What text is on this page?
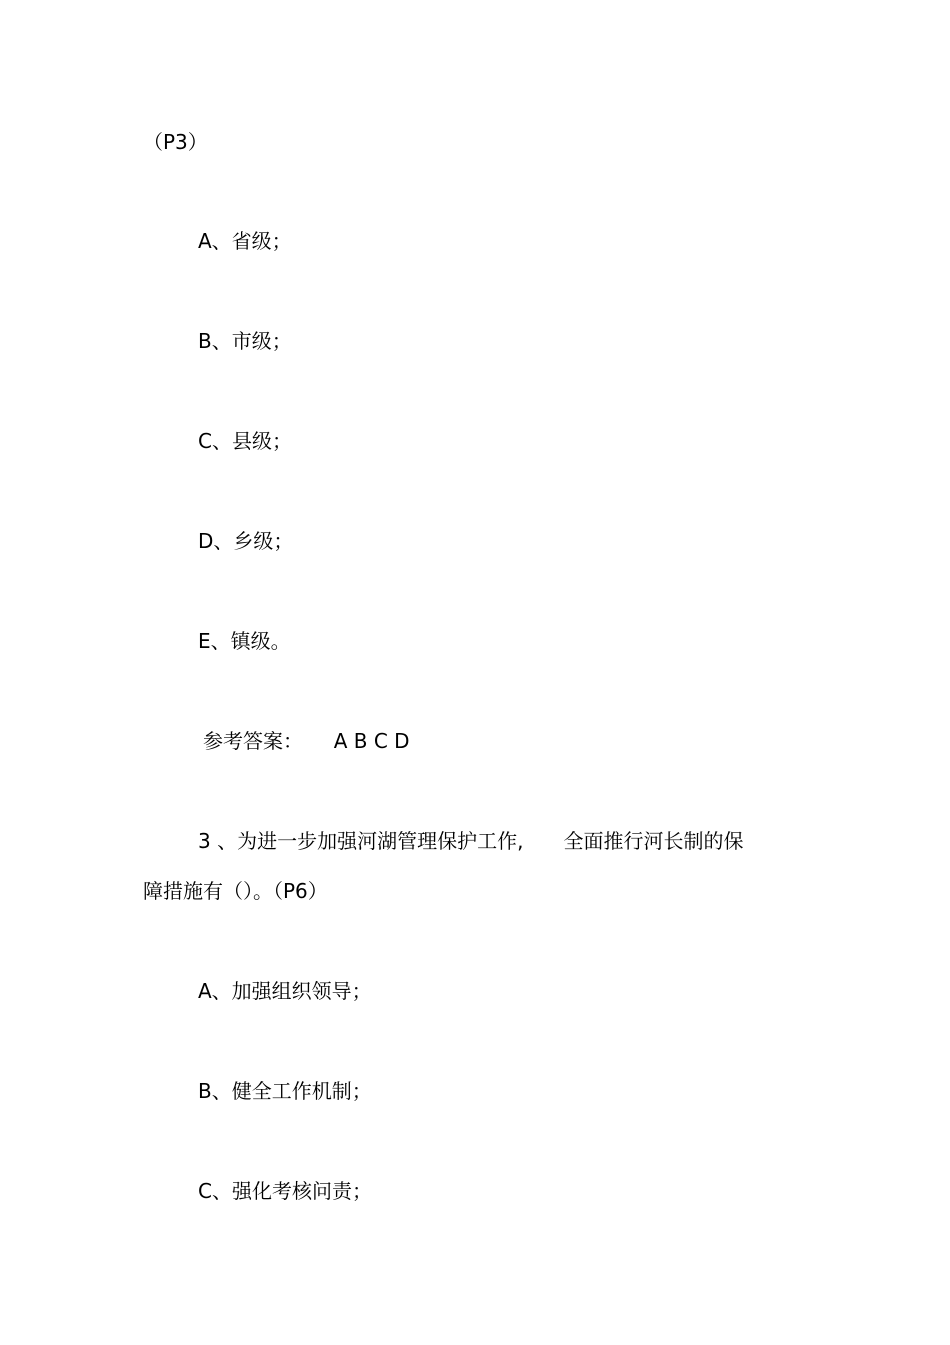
（P3）
A、省级；
B、市级；
C、县级；
D、乡级；
E、镇级。
参考答案： A B C D
3 、为进一步加强河湖管理保护工作, 全面推行河长制的保
障措施有（）。（P6）
A、加强组织领导；
B、健全工作机制；
C、强化考核问责；
